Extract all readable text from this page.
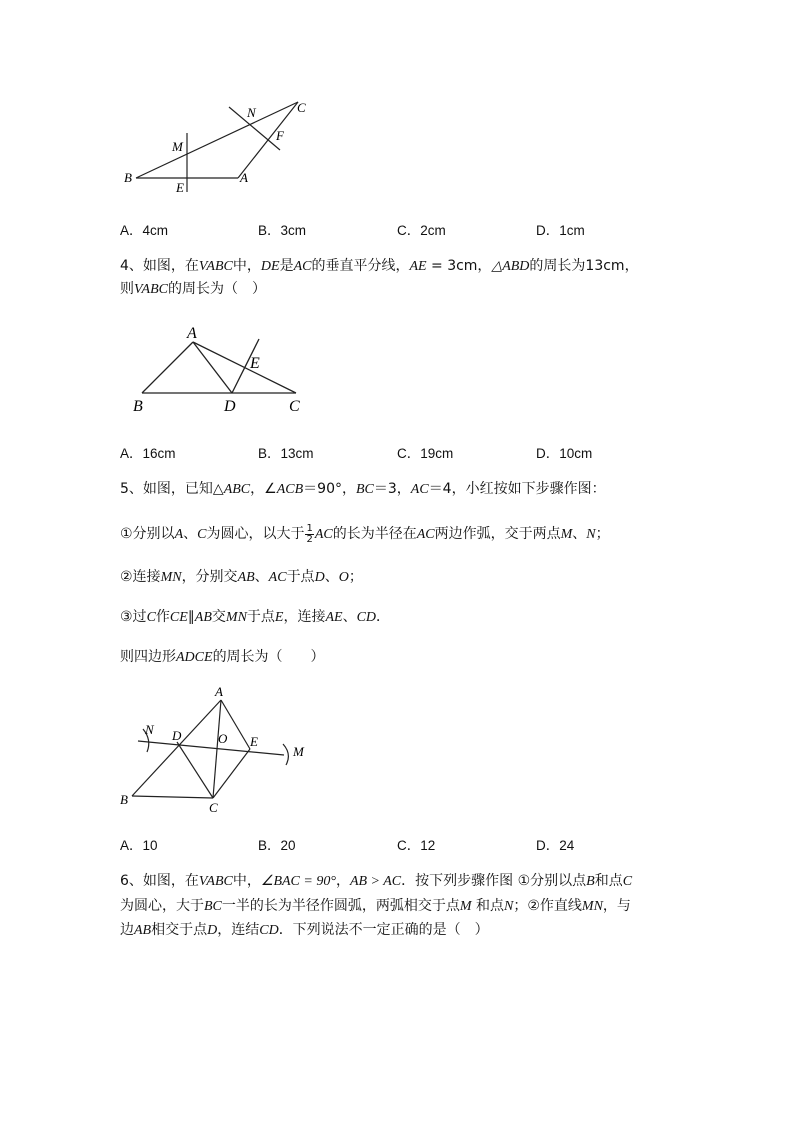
B
E
A
M
N
F
C
A．4cm	B．3cm	C．2cm	D．1cm
4、如图，在VABC中，DE是AC的垂直平分线，AE = 3cm，△ABD的周长为13cm，
则VABC的周长为（　）
A
B	D	C
E
A．16cm	B．13cm	C．19cm	D．10cm
5、如图，已知△ABC，∠ACB＝90°，BC＝3，AC＝4，小红按如下步骤作图：
①分别以A、C为圆心，以大于 $\frac{1}{2}$ AC的长为半径在AC两边作弧，交于两点M、N；
②连接MN，分别交AB、AC于点D、O；
③过C作CE∥AB交MN于点E，连接AE、CD．
则四边形ADCE的周长为（　　）
A
N D	O E
M
B
C
A．10	B．20	C．12	D．24
6、如图，在VABC中，∠BAC = 90°，AB > AC．按下列步骤作图 ①分别以点B和点C
为圆心，大于BC一半的长为半径作圆弧，两弧相交于点M 和点N；②作直线MN，与
边AB相交于点D，连结CD．下列说法不一定正确的是（　）
